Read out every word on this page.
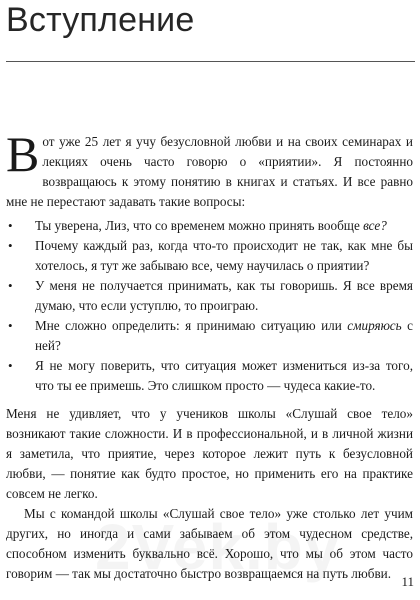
Вступление

Вот уже 25 лет я учу безусловной любви и на своих семинарах и лекциях очень часто говорю о «приятии». Я постоянно возвращаюсь к этому понятию в книгах и статьях. И все равно мне не перестают задавать такие вопросы:

• Ты уверена, Лиз, что со временем можно принять вообще все?
• Почему каждый раз, когда что-то происходит не так, как мне бы хотелось, я тут же забываю все, чему научилась о приятии?
• У меня не получается принимать, как ты говоришь. Я все время думаю, что если уступлю, то проиграю.
• Мне сложно определить: я принимаю ситуацию или смиряюсь с ней?
• Я не могу поверить, что ситуация может измениться из-за того, что ты ее примешь. Это слишком просто — чудеса какие-то.

Меня не удивляет, что у учеников школы «Слушай свое тело» возникают такие сложности. И в профессиональной, и в личной жизни я заметила, что приятие, через которое лежит путь к безусловной любви, — понятие как будто простое, но применить его на практике совсем не легко.

Мы с командой школы «Слушай свое тело» уже столько лет учим других, но иногда и сами забываем об этом чудесном средстве, способном изменить буквально всё. Хорошо, что мы об этом часто говорим — так мы достаточно быстро возвращаемся на путь любви.

11
